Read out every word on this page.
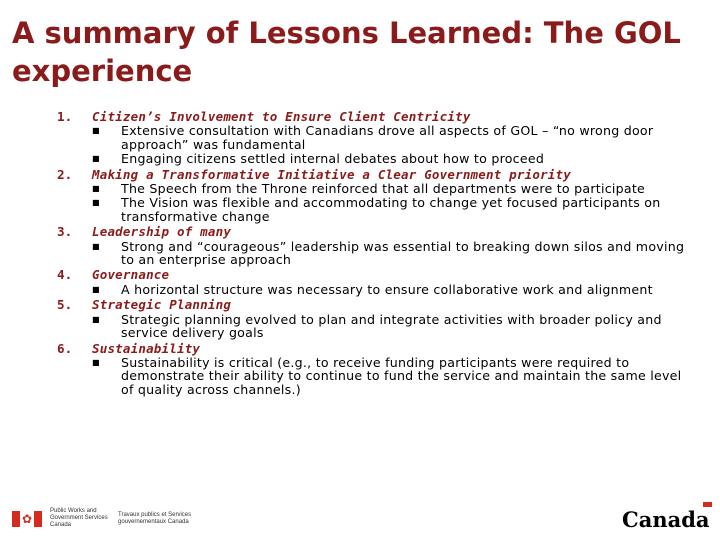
A summary of Lessons Learned: The GOL experience
1. Citizen’s Involvement to Ensure Client Centricity
■ Extensive consultation with Canadians drove all aspects of GOL – “no wrong door approach” was fundamental
■ Engaging citizens settled internal debates about how to proceed
2. Making a Transformative Initiative a Clear Government priority
■ The Speech from the Throne reinforced that all departments were to participate
■ The Vision was flexible and accommodating to change yet focused participants on transformative change
3. Leadership of many
■ Strong and “courageous” leadership was essential to breaking down silos and moving to an enterprise approach
4. Governance
■ A horizontal structure was necessary to ensure collaborative work and alignment
5. Strategic Planning
■ Strategic planning evolved to plan and integrate activities with broader policy and service delivery goals
6. Sustainability
■ Sustainability is critical (e.g., to receive funding participants were required to demonstrate their ability to continue to fund the service and maintain the same level of quality across channels.)
✿
Public Works and Government Services Canada
Travaux publics et Services gouvernementaux Canada	Canada
